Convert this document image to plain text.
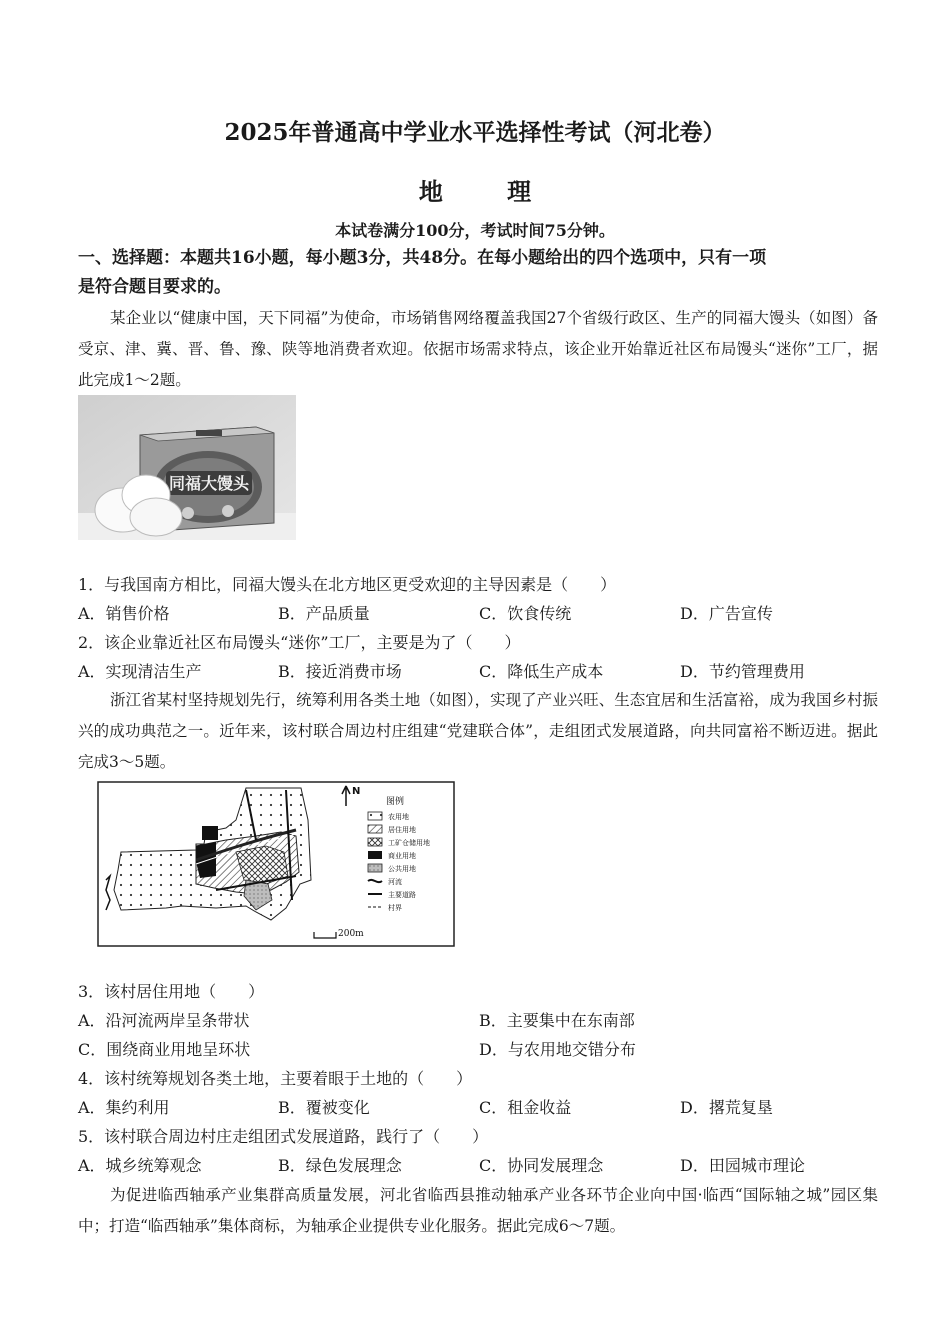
2025年普通高中学业水平选择性考试（河北卷）
地 理
本试卷满分100分，考试时间75分钟。
一、选择题：本题共16小题，每小题3分，共48分。在每小题给出的四个选项中，只有一项
是符合题目要求的。
某企业以“健康中国，天下同福”为使命，市场销售网络覆盖我国27个省级行政区、生产的同福大馒头（如图）备受京、津、冀、晋、鲁、豫、陕等地消费者欢迎。依据市场需求特点，该企业开始靠近社区布局馒头“迷你”工厂，据此完成1～2题。
同福大馒头
1．与我国南方相比，同福大馒头在北方地区更受欢迎的主导因素是（　　）
A．销售价格	B．产品质量	C．饮食传统	D．广告宣传
2．该企业靠近社区布局馒头“迷你”工厂，主要是为了（　　）
A．实现清洁生产	B．接近消费市场	C．降低生产成本	D．节约管理费用
浙江省某村坚持规划先行，统筹利用各类土地（如图），实现了产业兴旺、生态宜居和生活富裕，成为我国乡村振兴的成功典范之一。近年来，该村联合周边村庄组建“党建联合体”，走组团式发展道路，向共同富裕不断迈进。据此完成3～5题。
N
图例
农用地
居住用地
工矿仓储用地
商业用地
公共用地
河流
主要道路
村界
200m
3．该村居住用地（　　）
A．沿河流两岸呈条带状	B．主要集中在东南部
C．围绕商业用地呈环状	D．与农用地交错分布
4．该村统筹规划各类土地，主要着眼于土地的（　　）
A．集约利用	B．覆被变化	C．租金收益	D．撂荒复垦
5．该村联合周边村庄走组团式发展道路，践行了（　　）
A．城乡统筹观念	B．绿色发展理念	C．协同发展理念	D．田园城市理论
为促进临西轴承产业集群高质量发展，河北省临西县推动轴承产业各环节企业向中国·临西“国际轴之城”园区集中；打造“临西轴承”集体商标，为轴承企业提供专业化服务。据此完成6～7题。
